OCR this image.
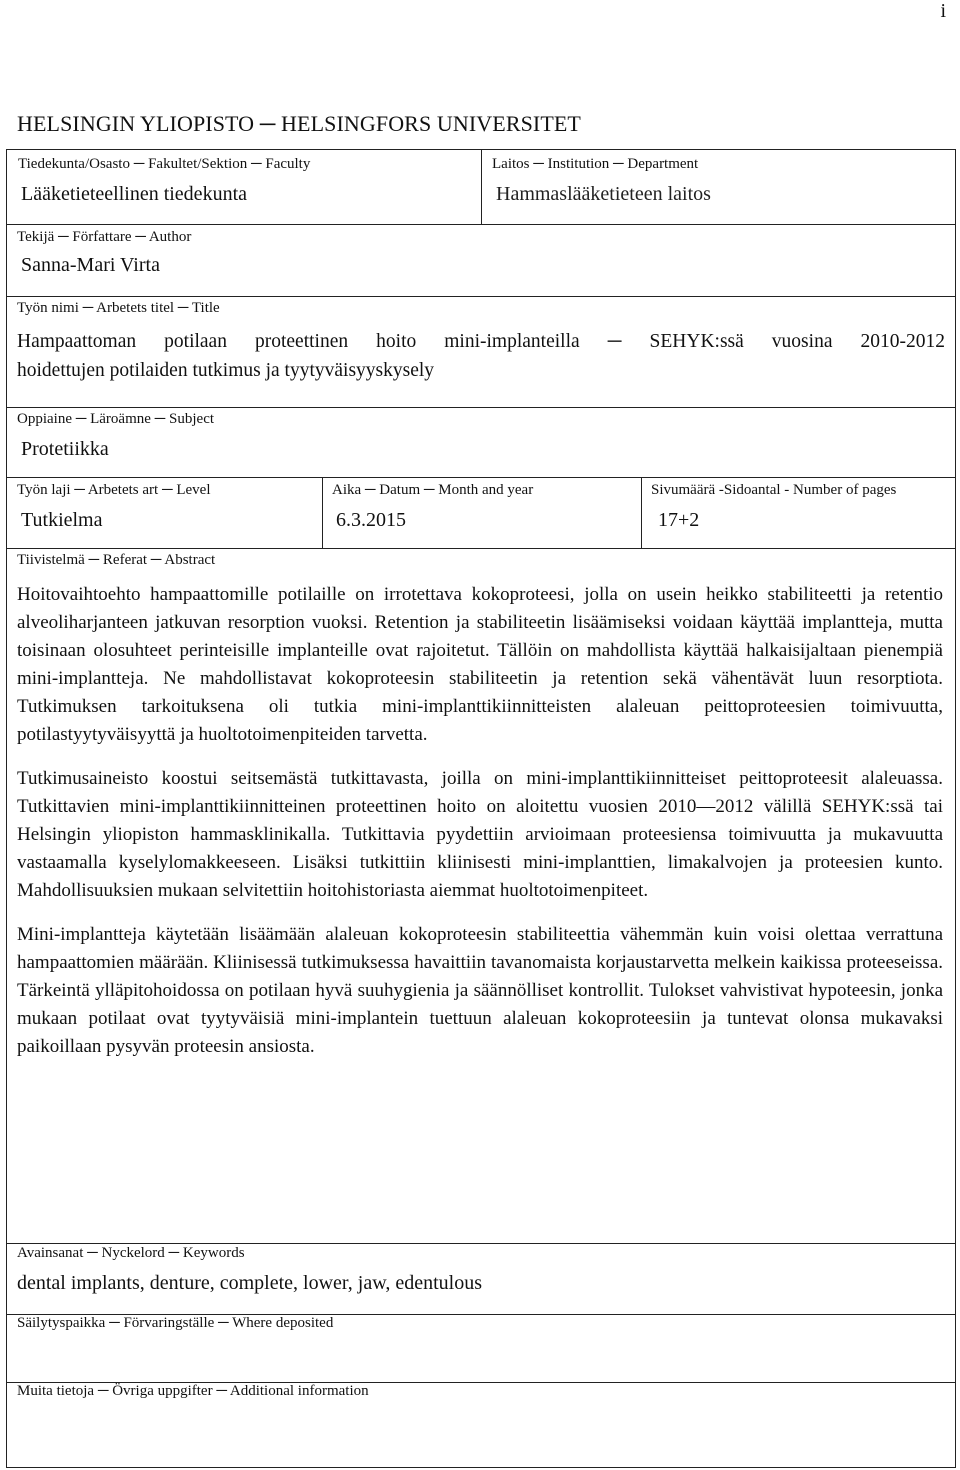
i
HELSINGIN YLIOPISTO ─ HELSINGFORS UNIVERSITET
Tiedekunta/Osasto ─ Fakultet/Sektion ─ Faculty
Lääketieteellinen tiedekunta
Laitos ─ Institution ─ Department
Hammaslääketieteen laitos
Tekijä ─ Författare ─ Author
Sanna-Mari Virta
Työn nimi ─ Arbetets titel ─ Title
Hampaattoman potilaan proteettinen hoito mini-implanteilla ─ SEHYK:ssä vuosina 2010-2012
hoidettujen potilaiden tutkimus ja tyytyväisyyskysely
Oppiaine ─ Läroämne ─ Subject
Protetiikka
Työn laji ─ Arbetets art ─ Level
Tutkielma
Aika ─ Datum ─ Month and year
6.3.2015
Sivumäärä -Sidoantal - Number of pages
17+2
Tiivistelmä ─ Referat ─ Abstract

Hoitovaihtoehto hampaattomille potilaille on irrotettava kokoproteesi, jolla on usein heikko stabiliteetti ja retentio alveoliharjanteen jatkuvan resorption vuoksi. Retention ja stabiliteetin lisäämiseksi voidaan käyttää implantteja, mutta toisinaan olosuhteet perinteisille implanteille ovat rajoitetut. Tällöin on mahdollista käyttää halkaisijaltaan pienempiä mini-implantteja. Ne mahdollistavat kokoproteesin stabiliteetin ja retention sekä vähentävät luun resorptiota. Tutkimuksen tarkoituksena oli tutkia mini-implanttikiinnitteisten alaleuan peittoproteesien toimivuutta, potilastyytyväisyyttä ja huoltotoimenpiteiden tarvetta.

Tutkimusaineisto koostui seitsemästä tutkittavasta, joilla on mini-implanttikiinnitteiset peittoproteesit alaleuassa. Tutkittavien mini-implanttikiinnitteinen proteettinen hoito on aloitettu vuosien 2010―2012 välillä SEHYK:ssä tai Helsingin yliopiston hammasklinikalla. Tutkittavia pyydettiin arvioimaan proteesiensa toimivuutta ja mukavuutta vastaamalla kyselylomakkeeseen. Lisäksi tutkittiin kliinisesti mini-implanttien, limakalvojen ja proteesien kunto. Mahdollisuuksien mukaan selvitettiin hoitohistoriasta aiemmat huoltotoimenpiteet.

Mini-implantteja käytetään lisäämään alaleuan kokoproteesin stabiliteettia vähemmän kuin voisi olettaa verrattuna hampaattomien määrään. Kliinisessä tutkimuksessa havaittiin tavanomaista korjaustarvetta melkein kaikissa proteeseissa. Tärkeintä ylläpitohoidossa on potilaan hyvä suuhygienia ja säännölliset kontrollit. Tulokset vahvistivat hypoteesin, jonka mukaan potilaat ovat tyytyväisiä mini-implantein tuettuun alaleuan kokoproteesiin ja tuntevat olonsa mukavaksi paikoillaan pysyvän proteesin ansiosta.

Avainsanat ─ Nyckelord ─ Keywords
dental implants, denture, complete, lower, jaw, edentulous
Säilytyspaikka ─ Förvaringställe ─ Where deposited
Muita tietoja ─ Övriga uppgifter ─ Additional information
